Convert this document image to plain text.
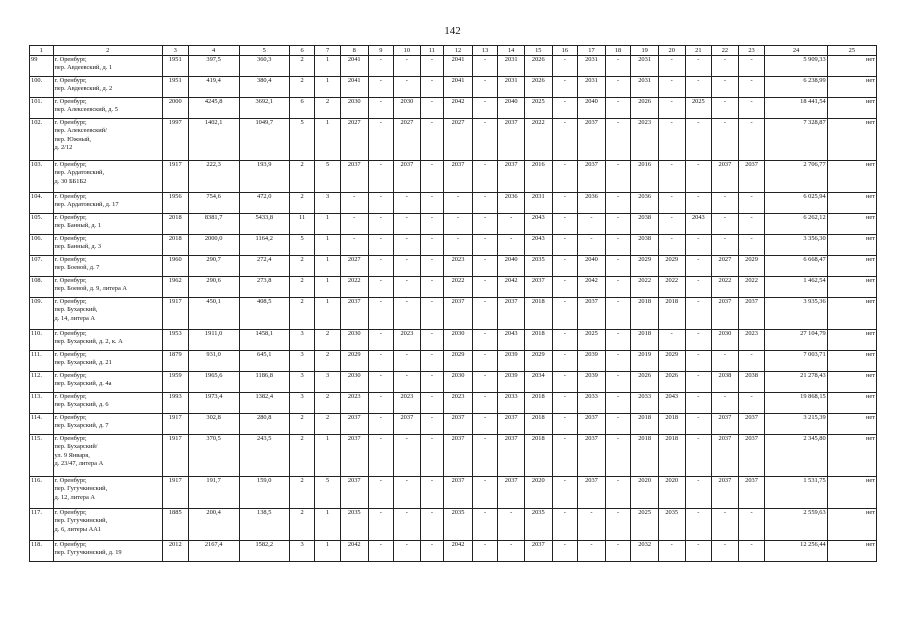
142
1	2	3	4	5	6	7	8	9	10	11	12	13	14	15	16	17	18	19	20	21	22	23	24	25
99	г. Оренбург,
пер. Авдеевский, д. 1	1951	397,5	360,3	2	1	2041	-	-	-	2041	-	2031	2026	-	2031	-	2031	-	-	-	-	5 909,33	нет
100.	г. Оренбург,
пер. Авдеевский, д. 2	1951	419,4	380,4	2	1	2041	-	-	-	2041	-	2031	2026	-	2031	-	2031	-	-	-	-	6 238,99	нет
101.	г. Оренбург,
пер. Алексеевский, д. 5	2000	4245,8	3692,1	6	2	2030	-	2030	-	2042	-	2040	2025	-	2040	-	2026	-	2025	-	-	18 441,54	нет
102.	г. Оренбург,
пер. Алексеевский/
пер. Южный,
д. 2/12	1997	1402,1	1049,7	5	1	2027	-	2027	-	2027	-	2037	2022	-	2037	-	2023	-	-	-	-	7 328,87	нет
103.	г. Оренбург,
пер. Ардатовский,
д. 30 ББ1Б2	1917	222,3	193,9	2	5	2037	-	2037	-	2037	-	2037	2016	-	2037	-	2016	-	-	2037	2037	2 706,77	нет
104.	г. Оренбург,
пер. Ардатовский, д. 17	1956	754,6	472,0	2	3	-	-	-	-	-	-	2036	2031	-	2036	-	2036	-	-	-	-	6 025,94	нет
105.	г. Оренбург,
пер. Банный, д. 1	2018	8381,7	5433,8	11	1	-	-	-	-	-	-	-	2043	-	-	-	2038	-	2043	-	-	6 262,12	нет
106.	г. Оренбург,
пер. Банный, д. 3	2018	2000,0	1164,2	5	1	-	-	-	-	-	-	-	2043	-	-	-	2038	-	-	-	-	3 356,30	нет
107.	г. Оренбург,
пер. Боевой, д. 7	1960	290,7	272,4	2	1	2027	-	-	-	2023	-	2040	2035	-	2040	-	2029	2029	-	2027	2029	6 668,47	нет
108.	г. Оренбург,
пер. Боевой, д. 9, литера А	1962	290,6	273,8	2	1	2022	-	-	-	2022	-	2042	2037	-	2042	-	2022	2022	-	2022	2022	1 462,54	нет
109.	г. Оренбург,
пер. Бухарский,
д. 14, литера А	1917	450,1	408,5	2	1	2037	-	-	-	2037	-	2037	2018	-	2037	-	2018	2018	-	2037	2037	3 935,36	нет
110.	г. Оренбург,
пер. Бухарский, д. 2, к. А	1953	1911,0	1458,1	3	2	2030	-	2023	-	2030	-	2043	2018	-	2025	-	2018	-	-	2030	2023	27 104,79	нет
111.	г. Оренбург,
пер. Бухарский, д. 21	1879	931,0	645,1	3	2	2029	-	-	-	2029	-	2039	2029	-	2039	-	2019	2029	-	-	-	7 003,71	нет
112.	г. Оренбург,
пер. Бухарский, д. 4а	1959	1965,6	1186,8	3	3	2030	-	-	-	2030	-	2039	2034	-	2039	-	2026	2026	-	2038	2038	21 278,43	нет
113.	г. Оренбург,
пер. Бухарский, д. 6	1993	1973,4	1382,4	3	2	2023	-	2023	-	2023	-	2033	2018	-	2033	-	2033	2043	-	-	-	19 868,15	нет
114.	г. Оренбург,
пер. Бухарский, д. 7	1917	302,8	280,8	2	2	2037	-	2037	-	2037	-	2037	2018	-	2037	-	2018	2018	-	2037	2037	3 215,39	нет
115.	г. Оренбург,
пер. Бухарский/
ул. 9 Января,
д. 23/47, литера А	1917	370,5	243,5	2	1	2037	-	-	-	2037	-	2037	2018	-	2037	-	2018	2018	-	2037	2037	2 345,80	нет
116.	г. Оренбург,
пер. Гугучкинский,
д. 12, литера А	1917	191,7	159,0	2	5	2037	-	-	-	2037	-	2037	2020	-	2037	-	2020	2020	-	2037	2037	1 531,75	нет
117.	г. Оренбург,
пер. Гугучкинский,
д. 6, литеры АА1	1885	200,4	138,5	2	1	2035	-	-	-	2035	-	-	2035	-	-	-	2025	2035	-	-	-	2 559,63	нет
118.	г. Оренбург,
пер. Гугучкинский, д. 19	2012	2167,4	1582,2	3	1	2042	-	-	-	2042	-	-	2037	-	-	-	2032	-	-	-	-	12 256,44	нет
